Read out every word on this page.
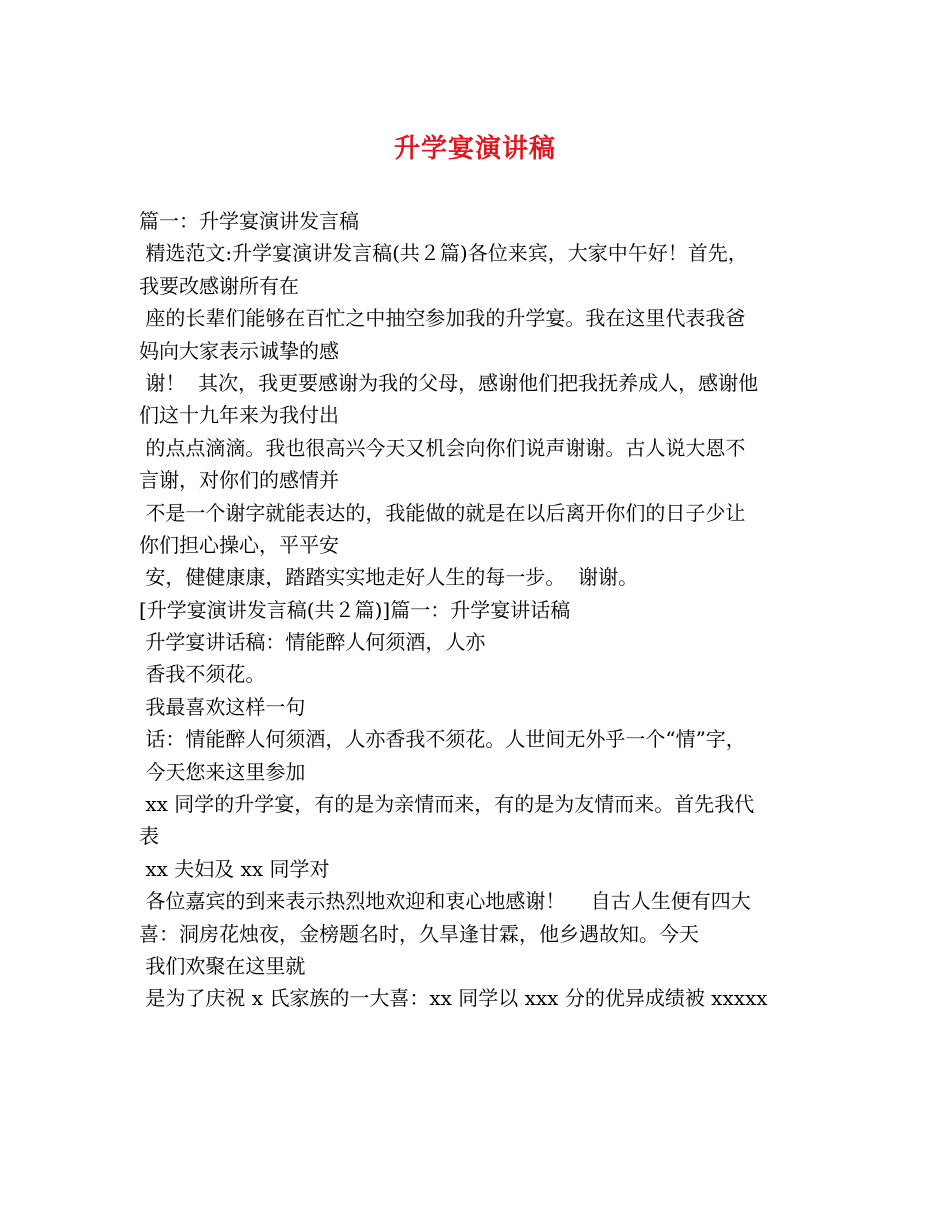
升学宴演讲稿
篇一：升学宴演讲发言稿
精选范文:升学宴演讲发言稿(共２篇)各位来宾，大家中午好！首先，
我要改感谢所有在
座的长辈们能够在百忙之中抽空参加我的升学宴。我在这里代表我爸
妈向大家表示诚挚的感
谢！  其次，我更要感谢为我的父母，感谢他们把我抚养成人，感谢他
们这十九年来为我付出
的点点滴滴。我也很高兴今天又机会向你们说声谢谢。古人说大恩不
言谢，对你们的感情并
不是一个谢字就能表达的，我能做的就是在以后离开你们的日子少让
你们担心操心，平平安
安，健健康康，踏踏实实地走好人生的每一步。  谢谢。
[升学宴演讲发言稿(共２篇)]篇一：升学宴讲话稿
升学宴讲话稿：情能醉人何须酒，人亦
香我不须花。
我最喜欢这样一句
话：情能醉人何须酒，人亦香我不须花。人世间无外乎一个“情”字，
今天您来这里参加
xx 同学的升学宴，有的是为亲情而来，有的是为友情而来。首先我代
表
xx 夫妇及 xx 同学对
各位嘉宾的到来表示热烈地欢迎和衷心地感谢！    自古人生便有四大
喜：洞房花烛夜，金榜题名时，久旱逢甘霖，他乡遇故知。今天
我们欢聚在这里就
是为了庆祝 x 氏家族的一大喜：xx 同学以 xxx 分的优异成绩被 xxxxx
